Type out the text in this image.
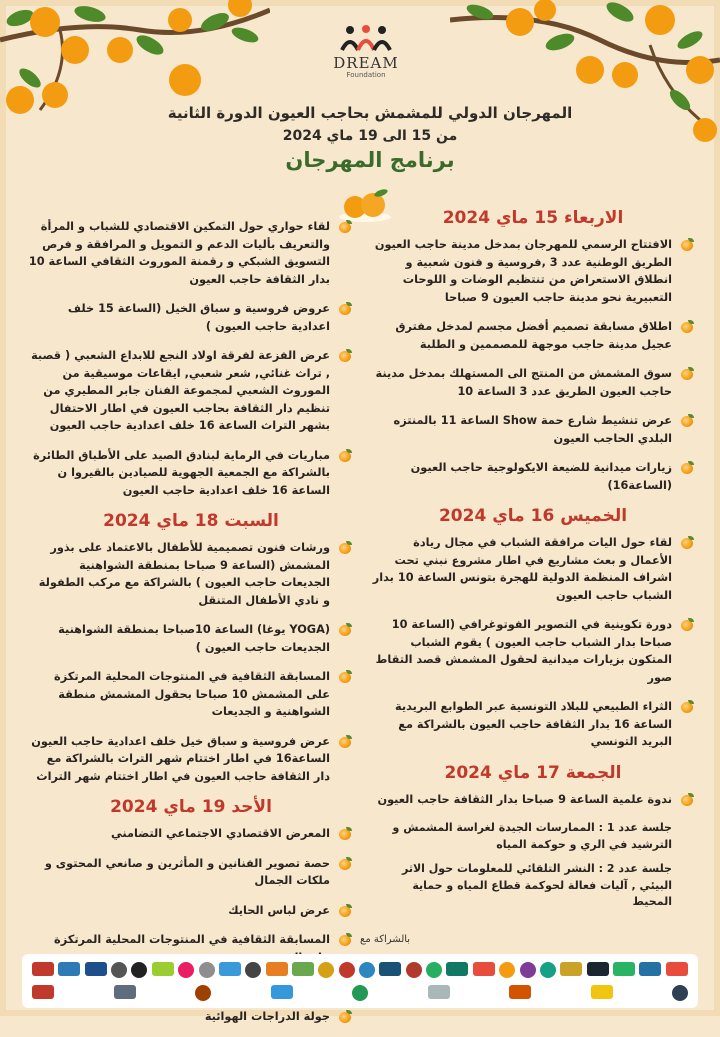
DREAM
Foundation
المهرجان الدولي للمشمش بحاجب العيون الدورة الثانية
من 15 الى 19 ماي 2024
برنامج المهرجان
الاربعاء 15 ماي 2024
الافتتاح الرسمي للمهرجان بمدخل مدينة حاجب العيون الطريق الوطنية عدد 3 ,فروسية و فنون شعبية و انطلاق الاستعراض من تنتظيم الوضات و اللوحات التعبيرية نحو مدينة حاجب العيون 9 صباحا
اطلاق مسابقة تصميم أفضل مجسم لمدخل مفترق عجيل مدينة حاجب موجهة للمصممين و الطلبة
سوق المشمش من المنتج الى المستهلك بمدخل مدينة حاجب العيون الطريق عدد 3 الساعة 10
عرض تنشيط شارع حمة Show الساعة 11 بالمنتزه البلدي الحاجب العيون
زيارات ميدانية للضيعة الايكولوجية حاجب العيون (الساعة16)
الخميس 16 ماي 2024
لقاء حول اليات مرافقة الشباب في مجال ريادة الأعمال و بعث مشاريع في اطار مشروع نبني تحت اشراف المنظمة الدولية للهجرة بتونس الساعة 10 بدار الشباب حاجب العيون
دورة تكوينية في التصوير الفوتوغرافي (الساعة 10 صباحا بدار الشباب حاجب العيون ) يقوم الشباب المتكون بزيارات ميدانية لحقول المشمش قصد التقاط صور
الثراء الطبيعي للبلاد التونسية عبر الطوابع البريدية الساعة 16 بدار الثقافة حاجب العيون بالشراكة مع البريد التونسي
الجمعة 17 ماي 2024
ندوة علمية الساعة 9 صباحا بدار الثقافة حاجب العيون
جلسة عدد 1 : الممارسات الجيدة لغراسة المشمش و الترشيد في الري و حوكمة المياه
جلسة عدد 2 : النشر التلقائي للمعلومات حول الاثر البيئي , آليات فعالة لحوكمة قطاع المياه و حماية المحيط
لقاء حواري حول التمكين الاقتصادي للشباب و المرأة والتعريف بأليات الدعم و التمويل و المرافقة و فرص التسويق الشبكي و رقمنة الموروث الثقافي الساعة 10 بدار الثقافة حاجب العيون
عروض فروسية و سباق الخيل (الساعة 15 خلف اعدادية حاجب العيون )
عرض الفزعة لفرقة اولاد النجع للابداع الشعبي ( قصبة , تراث غنائي, شعر شعبي, ايقاعات موسيقية من الموروث الشعبي لمجموعة الفنان جابر المطيري من تنظيم دار الثقافة بحاجب العيون في اطار الاحتفال بشهر التراث الساعة 16 خلف اعدادية حاجب العيون
مباريات في الرماية لبنادق الصيد على الأطباق الطائرة بالشراكة مع الجمعية الجهوية للصيادين بالقيروا ن الساعة 16 خلف اعدادية حاجب العيون
السبت 18 ماي 2024
ورشات فنون تصميمية للأطفال بالاعتماد على بذور المشمش (الساعة 9 صباحا بمنطقة الشواهنية الجديعات حاجب العيون ) بالشراكة مع مركب الطفولة و نادي الأطفال المتنقل
(YOGA يوغا) الساعة 10صباحا بمنطقة الشواهنية الجديعات حاجب العيون )
المسابقة الثقافية في المنتوجات المحلية المرتكزة على المشمش 10 صباحا بحقول المشمش منطقة الشواهنية و الجديعات
عرض فروسية و سباق خيل خلف اعدادية حاجب العيون الساعة16 في اطار اختتام شهر التراث بالشراكة مع دار الثقافة حاجب العيون في اطار اختتام شهر التراث
الأحد 19 ماي 2024
المعرض الاقتصادي الاجتماعي التضامني
حصة تصوير الفنانين و المأثرين و صانعي المحتوى و ملكات الجمال
عرض لباس الحايك
المسابقة الثقافية في المنتوجات المحلية المرتكزة
جولة الدراجات الهوائية
بالشراكة مع
